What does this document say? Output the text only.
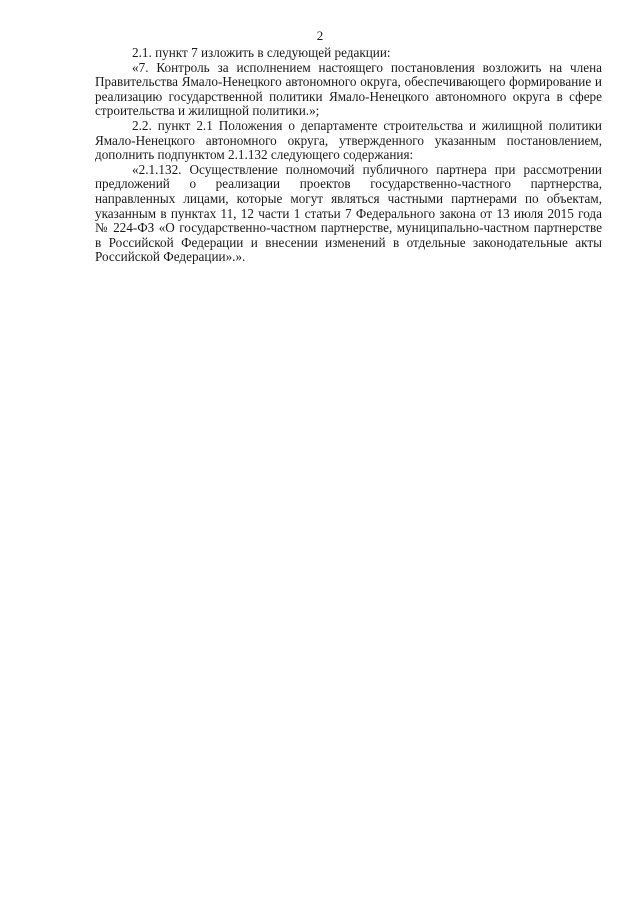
2

2.1. пункт 7 изложить в следующей редакции:

«7. Контроль за исполнением настоящего постановления возложить на члена Правительства Ямало-Ненецкого автономного округа, обеспечивающего формирование и реализацию государственной политики Ямало-Ненецкого автономного округа в сфере строительства и жилищной политики.»;

2.2. пункт 2.1 Положения о департаменте строительства и жилищной политики Ямало-Ненецкого автономного округа, утвержденного указанным постановлением, дополнить подпунктом 2.1.132 следующего содержания:

«2.1.132. Осуществление полномочий публичного партнера при рассмотрении предложений о реализации проектов государственно-частного партнерства, направленных лицами, которые могут являться частными партнерами по объектам, указанным в пунктах 11, 12 части 1 статьи 7 Федерального закона от 13 июля 2015 года № 224-ФЗ «О государственно-частном партнерстве, муниципально-частном партнерстве в Российской Федерации и внесении изменений в отдельные законодательные акты Российской Федерации».».
